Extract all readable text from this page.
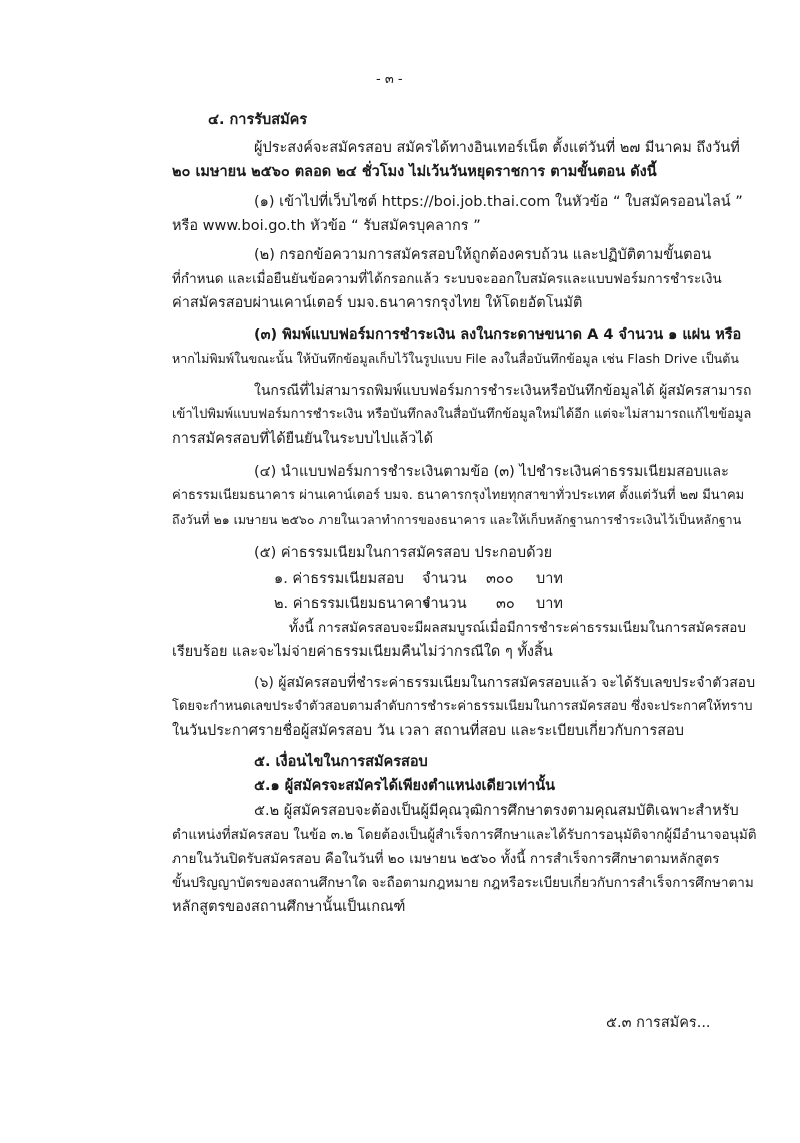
- ๓ -
๔. การรับสมัคร
ผู้ประสงค์จะสมัครสอบ สมัครได้ทางอินเทอร์เน็ต ตั้งแต่วันที่ ๒๗ มีนาคม ถึงวันที่
๒๐ เมษายน ๒๕๖๐ ตลอด ๒๔ ชั่วโมง ไม่เว้นวันหยุดราชการ ตามขั้นตอน ดังนี้
(๑) เข้าไปที่เว็บไซต์ https://boi.job.thai.com ในหัวข้อ “ ใบสมัครออนไลน์ ”
หรือ www.boi.go.th หัวข้อ “ รับสมัครบุคลากร ”
(๒) กรอกข้อความการสมัครสอบให้ถูกต้องครบถ้วน และปฏิบัติตามขั้นตอน
ที่กำหนด และเมื่อยืนยันข้อความที่ได้กรอกแล้ว ระบบจะออกใบสมัครและแบบฟอร์มการชำระเงิน
ค่าสมัครสอบผ่านเคาน์เตอร์ บมจ.ธนาคารกรุงไทย ให้โดยอัตโนมัติ
(๓) พิมพ์แบบฟอร์มการชำระเงิน ลงในกระดาษขนาด A 4 จำนวน ๑ แผ่น หรือ
หากไม่พิมพ์ในขณะนั้น ให้บันทึกข้อมูลเก็บไว้ในรูปแบบ File ลงในสื่อบันทึกข้อมูล เช่น Flash Drive เป็นต้น
ในกรณีที่ไม่สามารถพิมพ์แบบฟอร์มการชำระเงินหรือบันทึกข้อมูลได้ ผู้สมัครสามารถ
เข้าไปพิมพ์แบบฟอร์มการชำระเงิน หรือบันทึกลงในสื่อบันทึกข้อมูลใหม่ได้อีก แต่จะไม่สามารถแก้ไขข้อมูล
การสมัครสอบที่ได้ยืนยันในระบบไปแล้วได้
(๔) นำแบบฟอร์มการชำระเงินตามข้อ (๓) ไปชำระเงินค่าธรรมเนียมสอบและ
ค่าธรรมเนียมธนาคาร ผ่านเคาน์เตอร์ บมจ. ธนาคารกรุงไทยทุกสาขาทั่วประเทศ ตั้งแต่วันที่ ๒๗ มีนาคม
ถึงวันที่ ๒๑ เมษายน ๒๕๖๐ ภายในเวลาทำการของธนาคาร และให้เก็บหลักฐานการชำระเงินไว้เป็นหลักฐาน
(๕) ค่าธรรมเนียมในการสมัครสอบ ประกอบด้วย
๑. ค่าธรรมเนียมสอบ จำนวน ๓๐๐ บาท
๒. ค่าธรรมเนียมธนาคาร
จำนวน ๓๐ บาท
ทั้งนี้ การสมัครสอบจะมีผลสมบูรณ์เมื่อมีการชำระค่าธรรมเนียมในการสมัครสอบ
เรียบร้อย และจะไม่จ่ายค่าธรรมเนียมคืนไม่ว่ากรณีใด ๆ ทั้งสิ้น
(๖) ผู้สมัครสอบที่ชำระค่าธรรมเนียมในการสมัครสอบแล้ว จะได้รับเลขประจำตัวสอบ
โดยจะกำหนดเลขประจำตัวสอบตามลำดับการชำระค่าธรรมเนียมในการสมัครสอบ ซึ่งจะประกาศให้ทราบ
ในวันประกาศรายชื่อผู้สมัครสอบ วัน เวลา สถานที่สอบ และระเบียบเกี่ยวกับการสอบ
๕. เงื่อนไขในการสมัครสอบ
๕.๑ ผู้สมัครจะสมัครได้เพียงตำแหน่งเดียวเท่านั้น
๕.๒ ผู้สมัครสอบจะต้องเป็นผู้มีคุณวุฒิการศึกษาตรงตามคุณสมบัติเฉพาะสำหรับ
ตำแหน่งที่สมัครสอบ ในข้อ ๓.๒ โดยต้องเป็นผู้สำเร็จการศึกษาและได้รับการอนุมัติจากผู้มีอำนาจอนุมัติ
ภายในวันปิดรับสมัครสอบ คือในวันที่ ๒๐ เมษายน ๒๕๖๐ ทั้งนี้ การสำเร็จการศึกษาตามหลักสูตร
ขั้นปริญญาบัตรของสถานศึกษาใด จะถือตามกฎหมาย กฎหรือระเบียบเกี่ยวกับการสำเร็จการศึกษาตาม
หลักสูตรของสถานศึกษานั้นเป็นเกณฑ์
๕.๓ การสมัคร...
